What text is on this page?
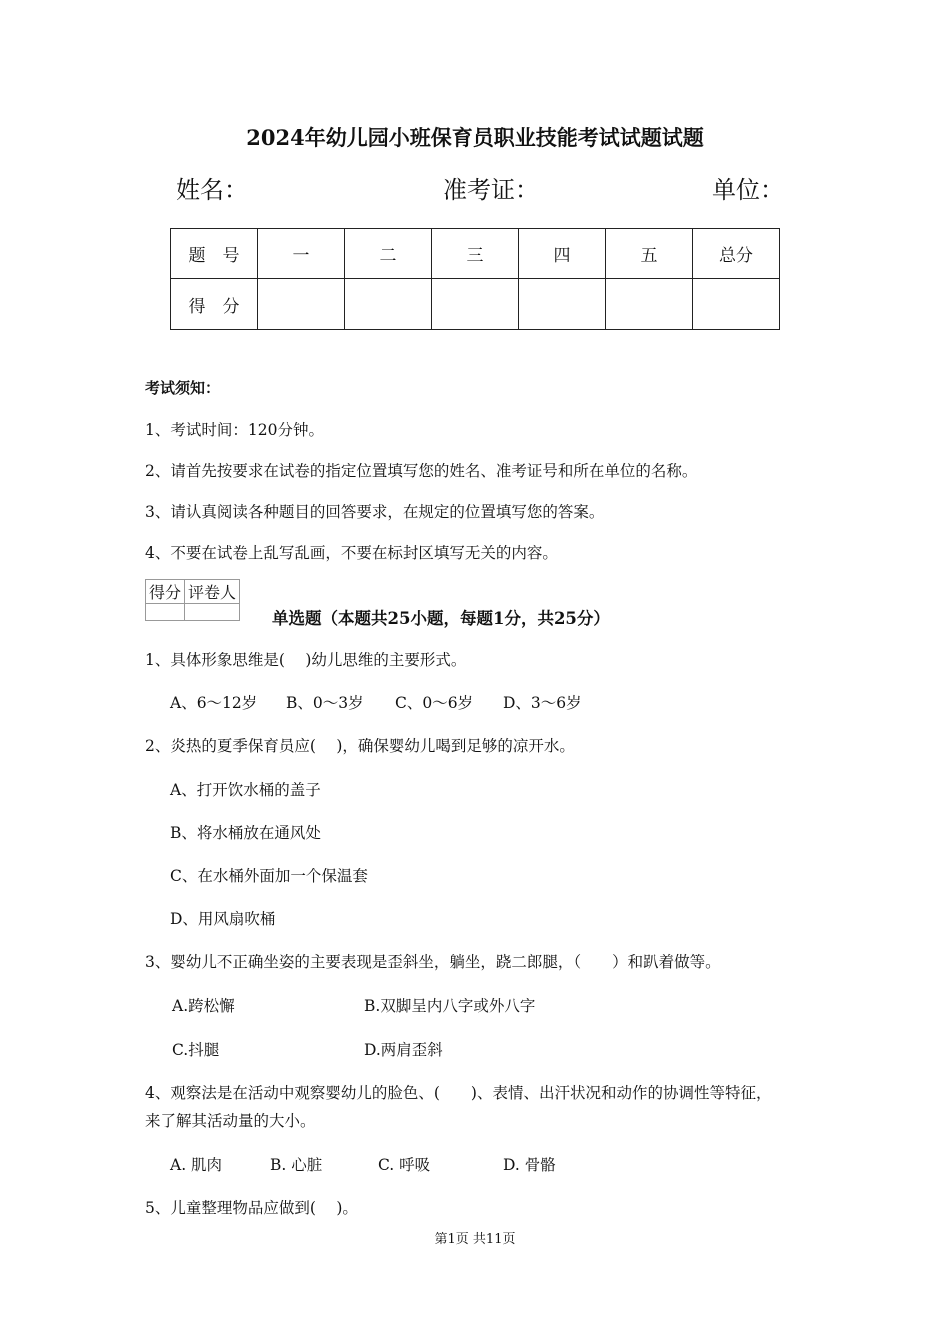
2024年幼儿园小班保育员职业技能考试试题试题
姓名：	准考证：	单位：
题　号	一	二	三	四	五	总分
得　分						
考试须知：
1、考试时间：120分钟。
2、请首先按要求在试卷的指定位置填写您的姓名、准考证号和所在单位的名称。
3、请认真阅读各种题目的回答要求，在规定的位置填写您的答案。
4、不要在试卷上乱写乱画，不要在标封区填写无关的内容。
得分	评卷人

单选题（本题共25小题，每题1分，共25分）
1、具体形象思维是(　 )幼儿思维的主要形式。
A、6～12岁 B、0～3岁 C、0～6岁 D、3～6岁
2、炎热的夏季保育员应(　 )，确保婴幼儿喝到足够的凉开水。
A、打开饮水桶的盖子
B、将水桶放在通风处
C、在水桶外面加一个保温套
D、用风扇吹桶
3、婴幼儿不正确坐姿的主要表现是歪斜坐，躺坐，跷二郎腿，（　　）和趴着做等。
A.跨松懈	B.双脚呈内八字或外八字
C.抖腿	D.两肩歪斜
4、观察法是在活动中观察婴幼儿的脸色、(　　)、表情、出汗状况和动作的协调性等特征，
来了解其活动量的大小。
A. 肌肉	B. 心脏	C. 呼吸	D. 骨骼
5、儿童整理物品应做到(　 )。
第1页 共11页
